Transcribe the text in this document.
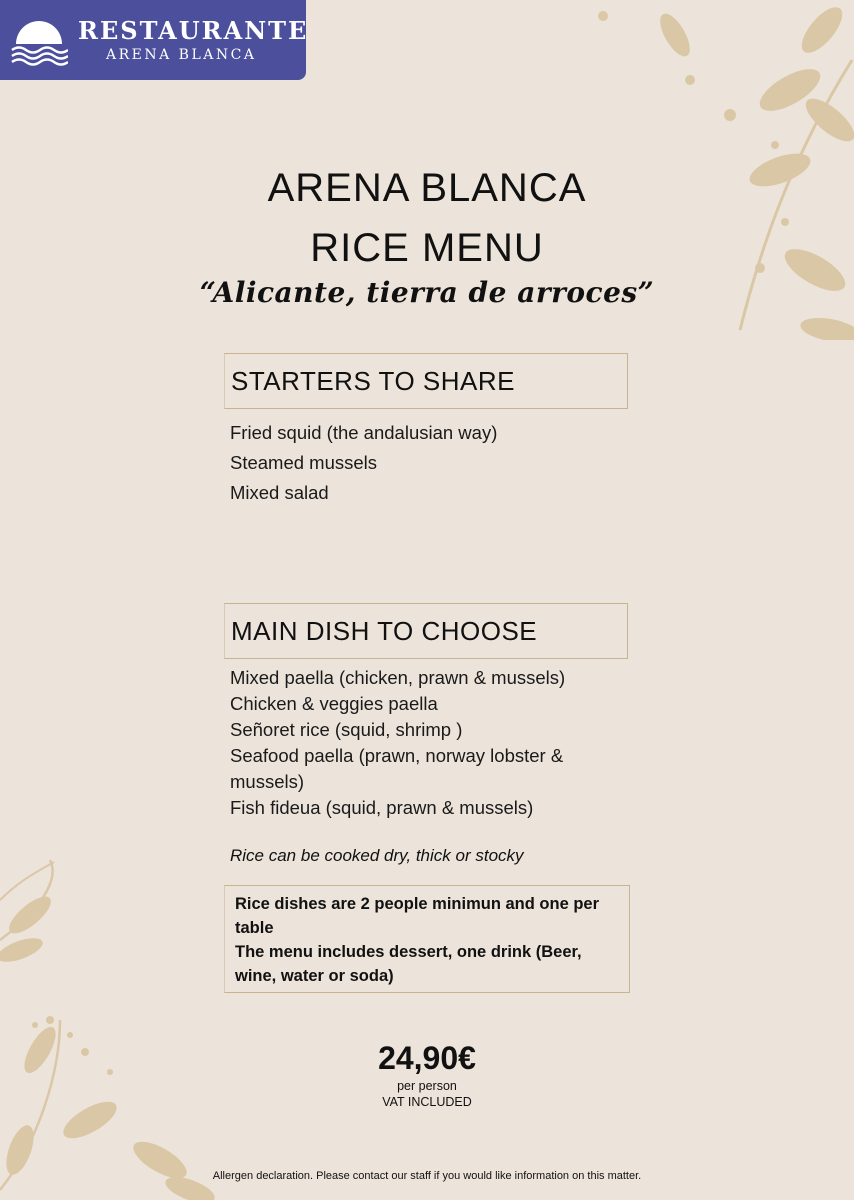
RESTAURANTE
ARENA BLANCA
ARENA BLANCA
RICE MENU
“Alicante, tierra de arroces”
STARTERS TO SHARE
Fried squid (the andalusian way)
Steamed mussels
Mixed salad
MAIN DISH TO CHOOSE
Mixed paella (chicken, prawn & mussels)
Chicken & veggies paella
Señoret rice (squid, shrimp )
Seafood paella (prawn, norway lobster &
mussels)
Fish fideua (squid, prawn & mussels)
Rice can be cooked dry, thick or stocky
Rice dishes are 2 people minimun and one per table
The menu includes dessert, one drink (Beer, wine, water or soda)
24,90€
per person
VAT INCLUDED
Allergen declaration. Please contact our staff if you would like information on this matter.
